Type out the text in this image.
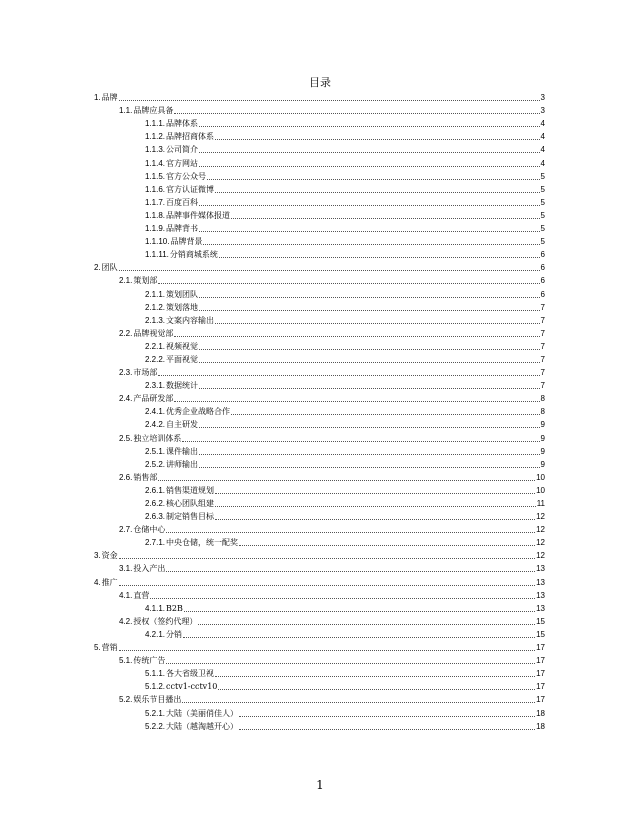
目录
1. 品牌	3
1.1. 品牌应具备	3
1.1.1. 品牌体系	4
1.1.2. 品牌招商体系	4
1.1.3. 公司简介	4
1.1.4. 官方网站	4
1.1.5. 官方公众号	5
1.1.6. 官方认证微博	5
1.1.7. 百度百科	5
1.1.8. 品牌事件媒体报道	5
1.1.9. 品牌背书	5
1.1.10. 品牌背景	5
1.1.11. 分销商城系统	6
2. 团队	6
2.1. 策划部	6
2.1.1. 策划团队	6
2.1.2. 策划落地	7
2.1.3. 文案内容输出	7
2.2. 品牌视觉部	7
2.2.1. 视频视觉	7
2.2.2. 平面视觉	7
2.3. 市场部	7
2.3.1. 数据统计	7
2.4. 产品研发部	8
2.4.1. 优秀企业战略合作	8
2.4.2. 自主研发	9
2.5. 独立培训体系	9
2.5.1. 课件输出	9
2.5.2. 讲师输出	9
2.6. 销售部	10
2.6.1. 销售渠道规划	10
2.6.2. 核心团队组建	11
2.6.3. 制定销售目标	12
2.7. 仓储中心	12
2.7.1. 中央仓储，统一配奖	12
3. 资金	12
3.1. 投入产出	13
4. 推广	13
4.1. 直营	13
4.1.1. B2B	13
4.2. 授权（签约代理）	15
4.2.1. 分销	15
5. 营销	17
5.1. 传统广告	17
5.1.1. 各大省级卫视	17
5.1.2. cctv1-cctv10	17
5.2. 娱乐节目播出	17
5.2.1. 大陆（美丽俏佳人）	18
5.2.2. 大陆（越淘越开心）	18
1
